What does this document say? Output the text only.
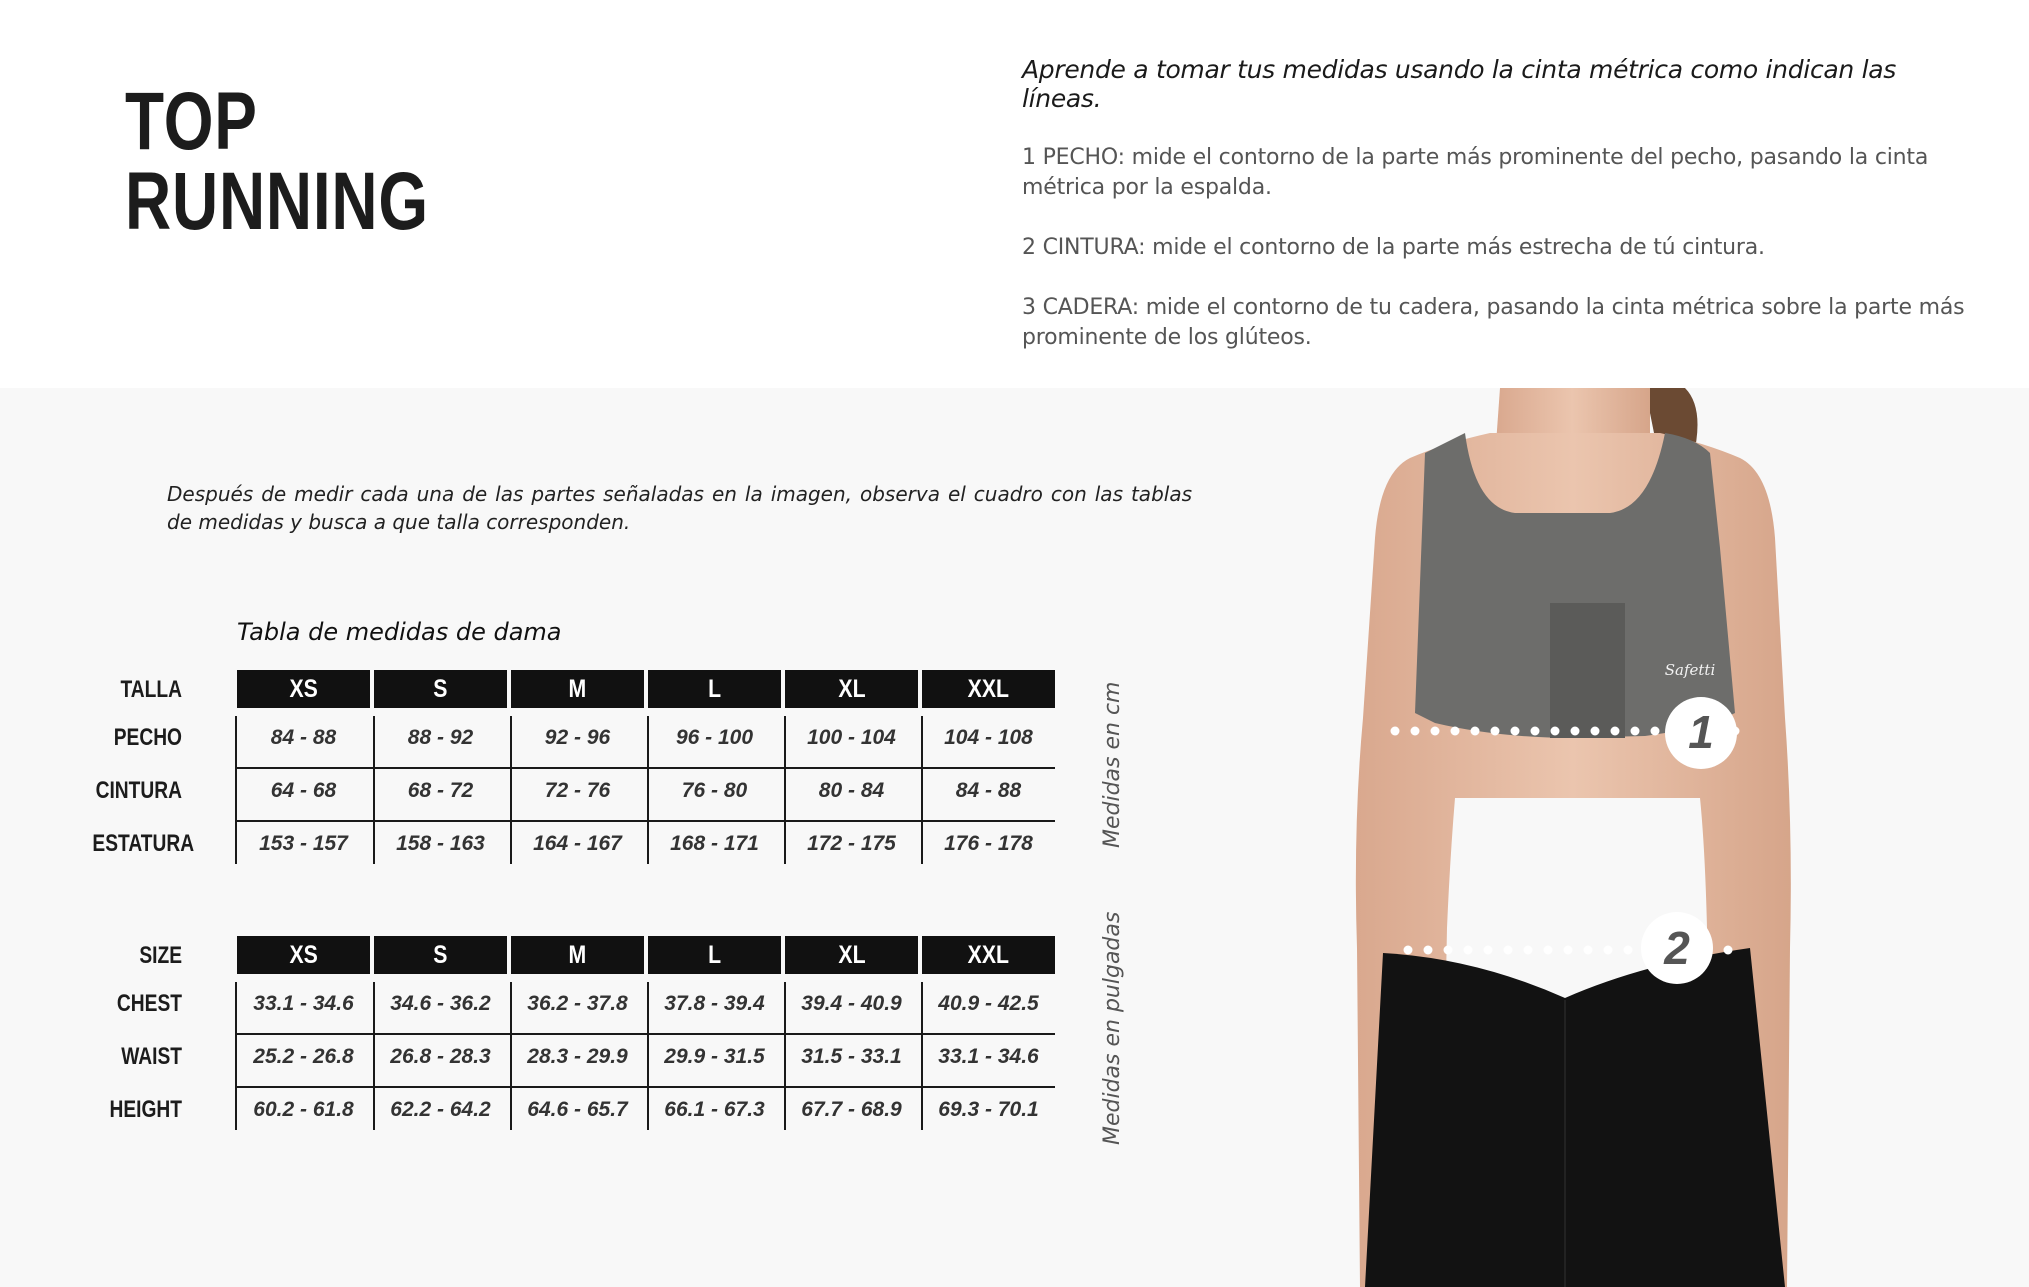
TOP
RUNNING

Aprende a tomar tus medidas usando la cinta métrica como indican las líneas.

1 PECHO: mide el contorno de la parte más prominente del pecho, pasando la cinta métrica por la espalda.

2 CINTURA: mide el contorno de la parte más estrecha de tú cintura.

3 CADERA: mide el contorno de tu cadera, pasando la cinta métrica sobre la parte más prominente de los glúteos.

Después de medir cada una de las partes señaladas en la imagen, observa el cuadro con las tablas de medidas y busca a que talla corresponden.

Tabla de medidas de dama

TALLA	XS	S	M	L	XL	XXL
PECHO	84 - 88	88 - 92	92 - 96	96 - 100	100 - 104	104 - 108
CINTURA	64 - 68	68 - 72	72 - 76	76 - 80	80 - 84	84 - 88
ESTATURA	153 - 157	158 - 163	164 - 167	168 - 171	172 - 175	176 - 178	Medidas en cm
SIZE	XS	S	M	L	XL	XXL
CHEST	33.1 - 34.6	34.6 - 36.2	36.2 - 37.8	37.8 - 39.4	39.4 - 40.9	40.9 - 42.5
WAIST	25.2 - 26.8	26.8 - 28.3	28.3 - 29.9	29.9 - 31.5	31.5 - 33.1	33.1 - 34.6
HEIGHT	60.2 - 61.8	62.2 - 64.2	64.6 - 65.7	66.1 - 67.3	67.7 - 68.9	69.3 - 70.1	Medidas en pulgadas
Safetti
1
2
